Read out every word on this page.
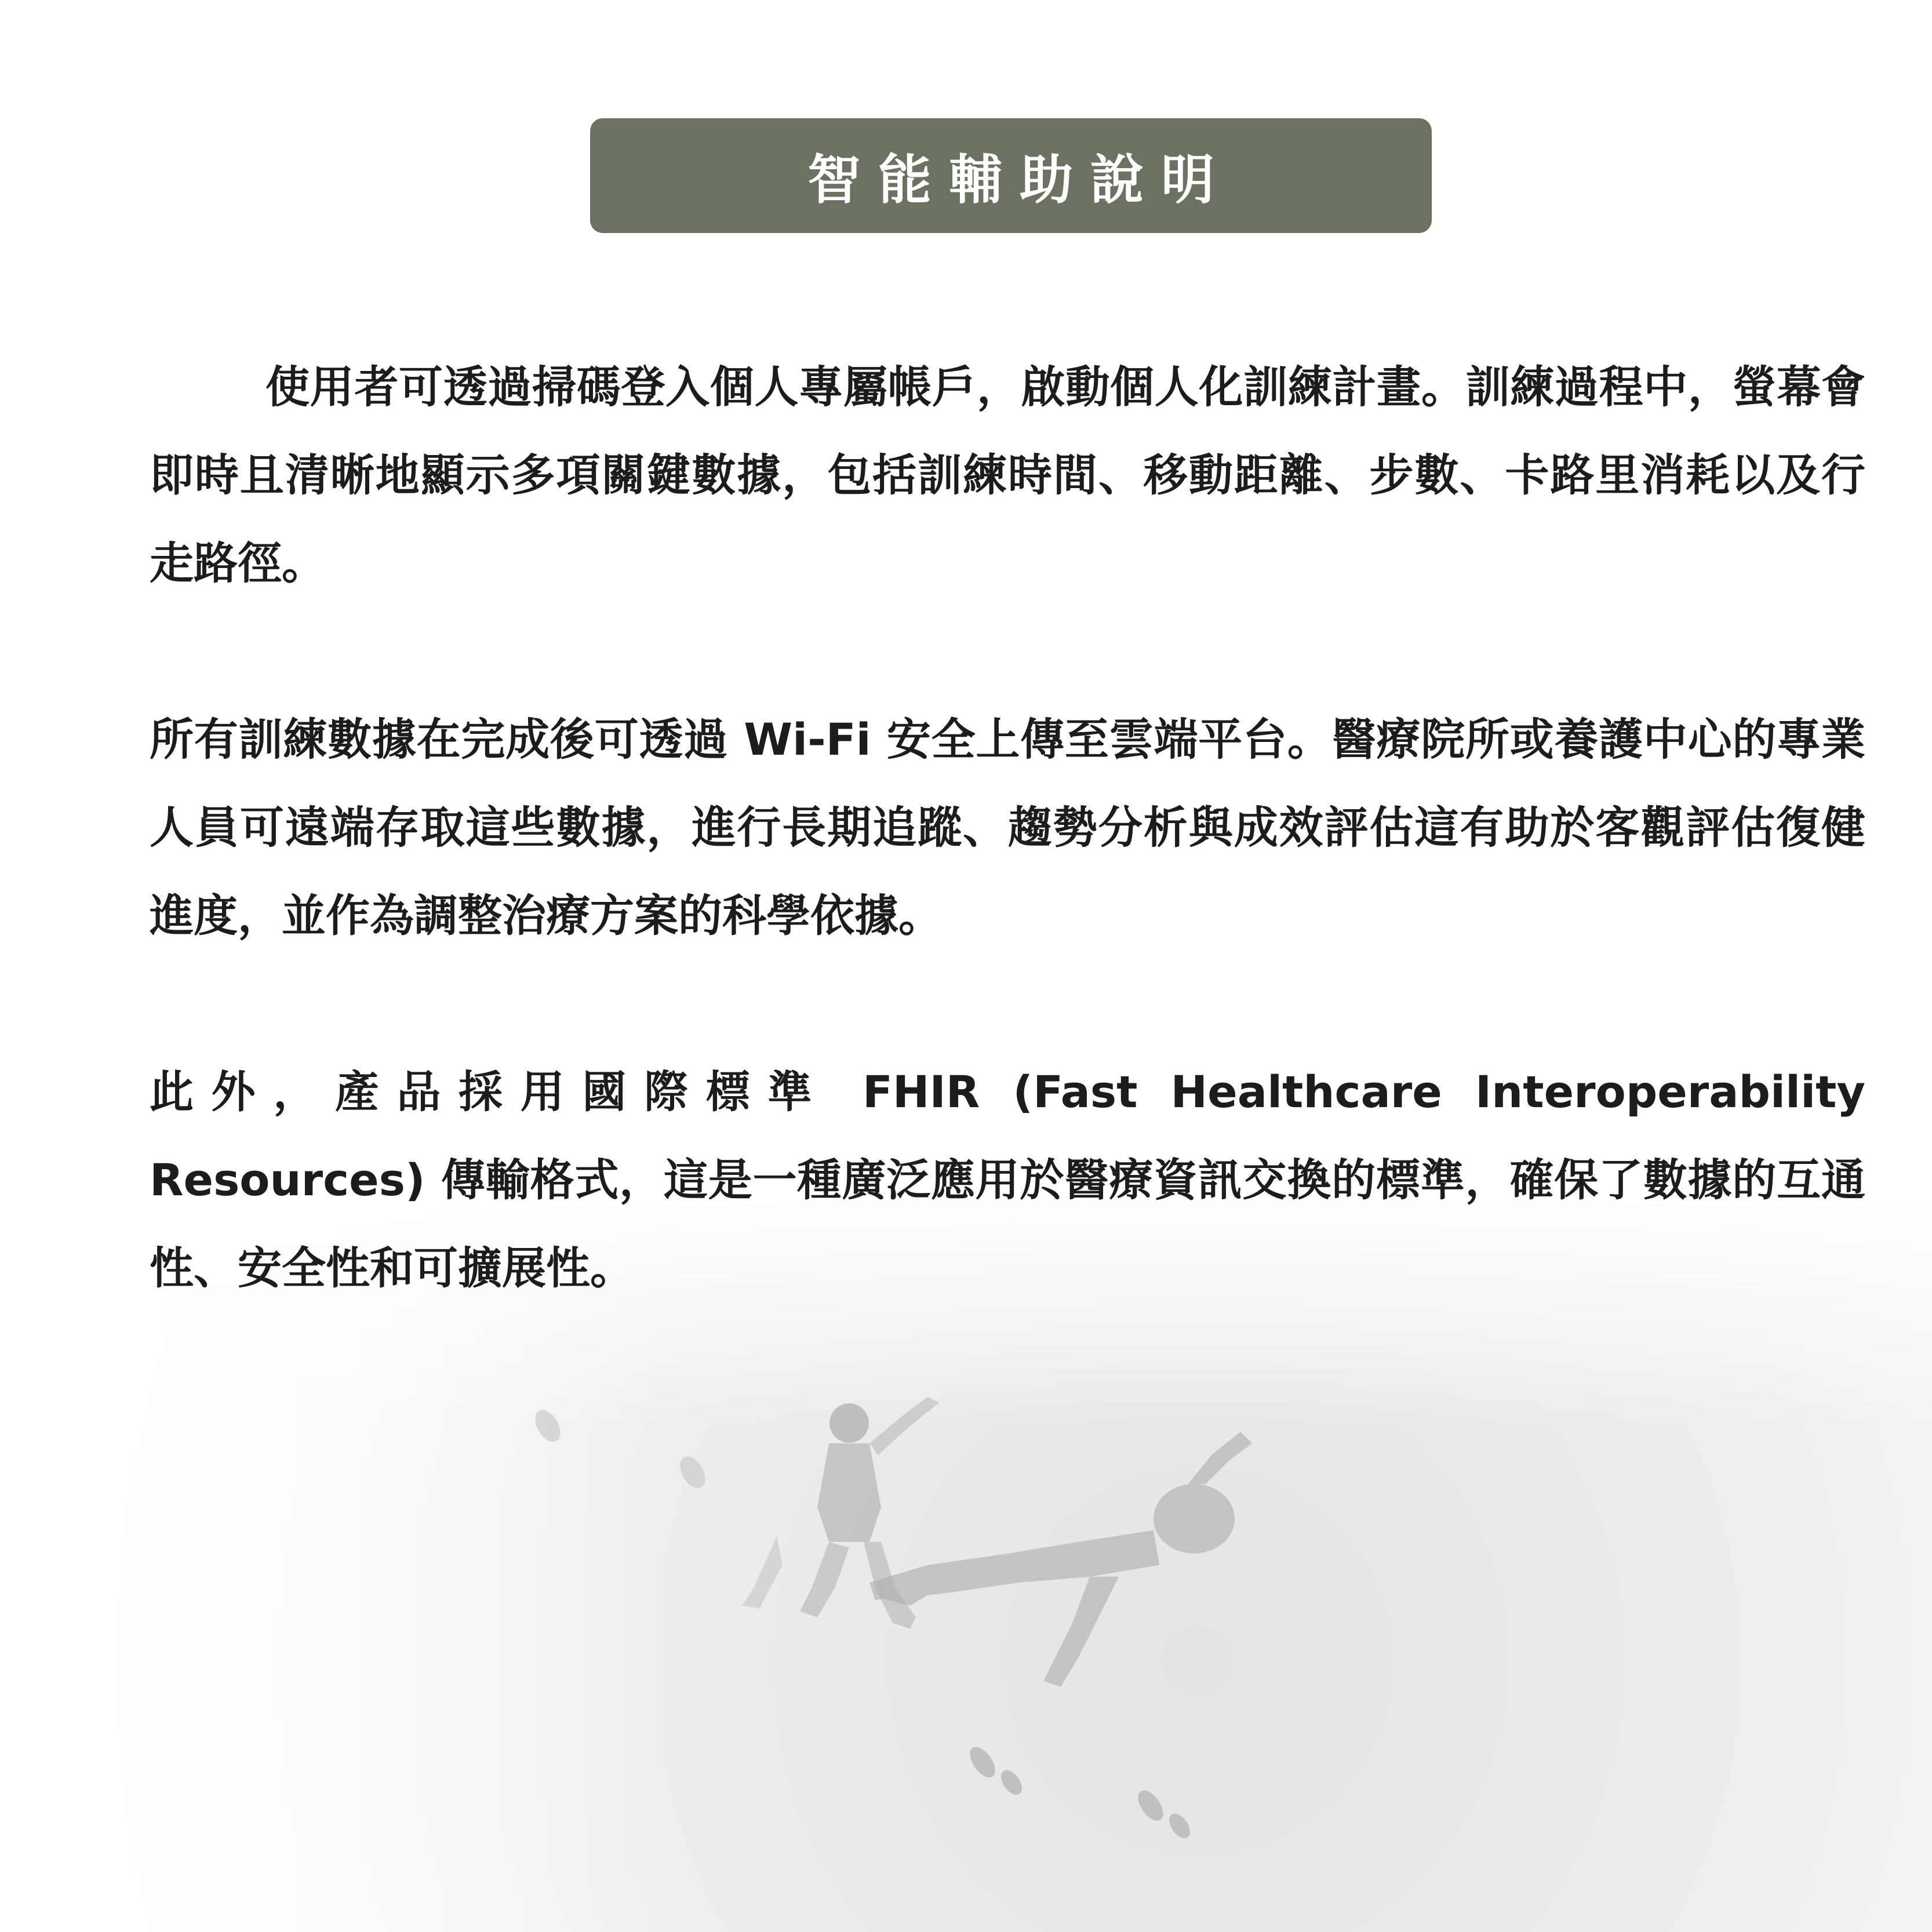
智能輔助說明

使用者可透過掃碼登入個人專屬帳戶，啟動個人化訓練計畫。訓練過程中，螢幕會即時且清晰地顯示多項關鍵數據，包括訓練時間、移動距離、步數、卡路里消耗以及行走路徑。

所有訓練數據在完成後可透過 Wi-Fi 安全上傳至雲端平台。醫療院所或養護中心的專業人員可遠端存取這些數據，進行長期追蹤、趨勢分析與成效評估這有助於客觀評估復健進度，並作為調整治療方案的科學依據。

此外，產品採用國際標準 FHIR (Fast Healthcare Interoperability Resources) 傳輸格式，這是一種廣泛應用於醫療資訊交換的標準，確保了數據的互通性、安全性和可擴展性。
